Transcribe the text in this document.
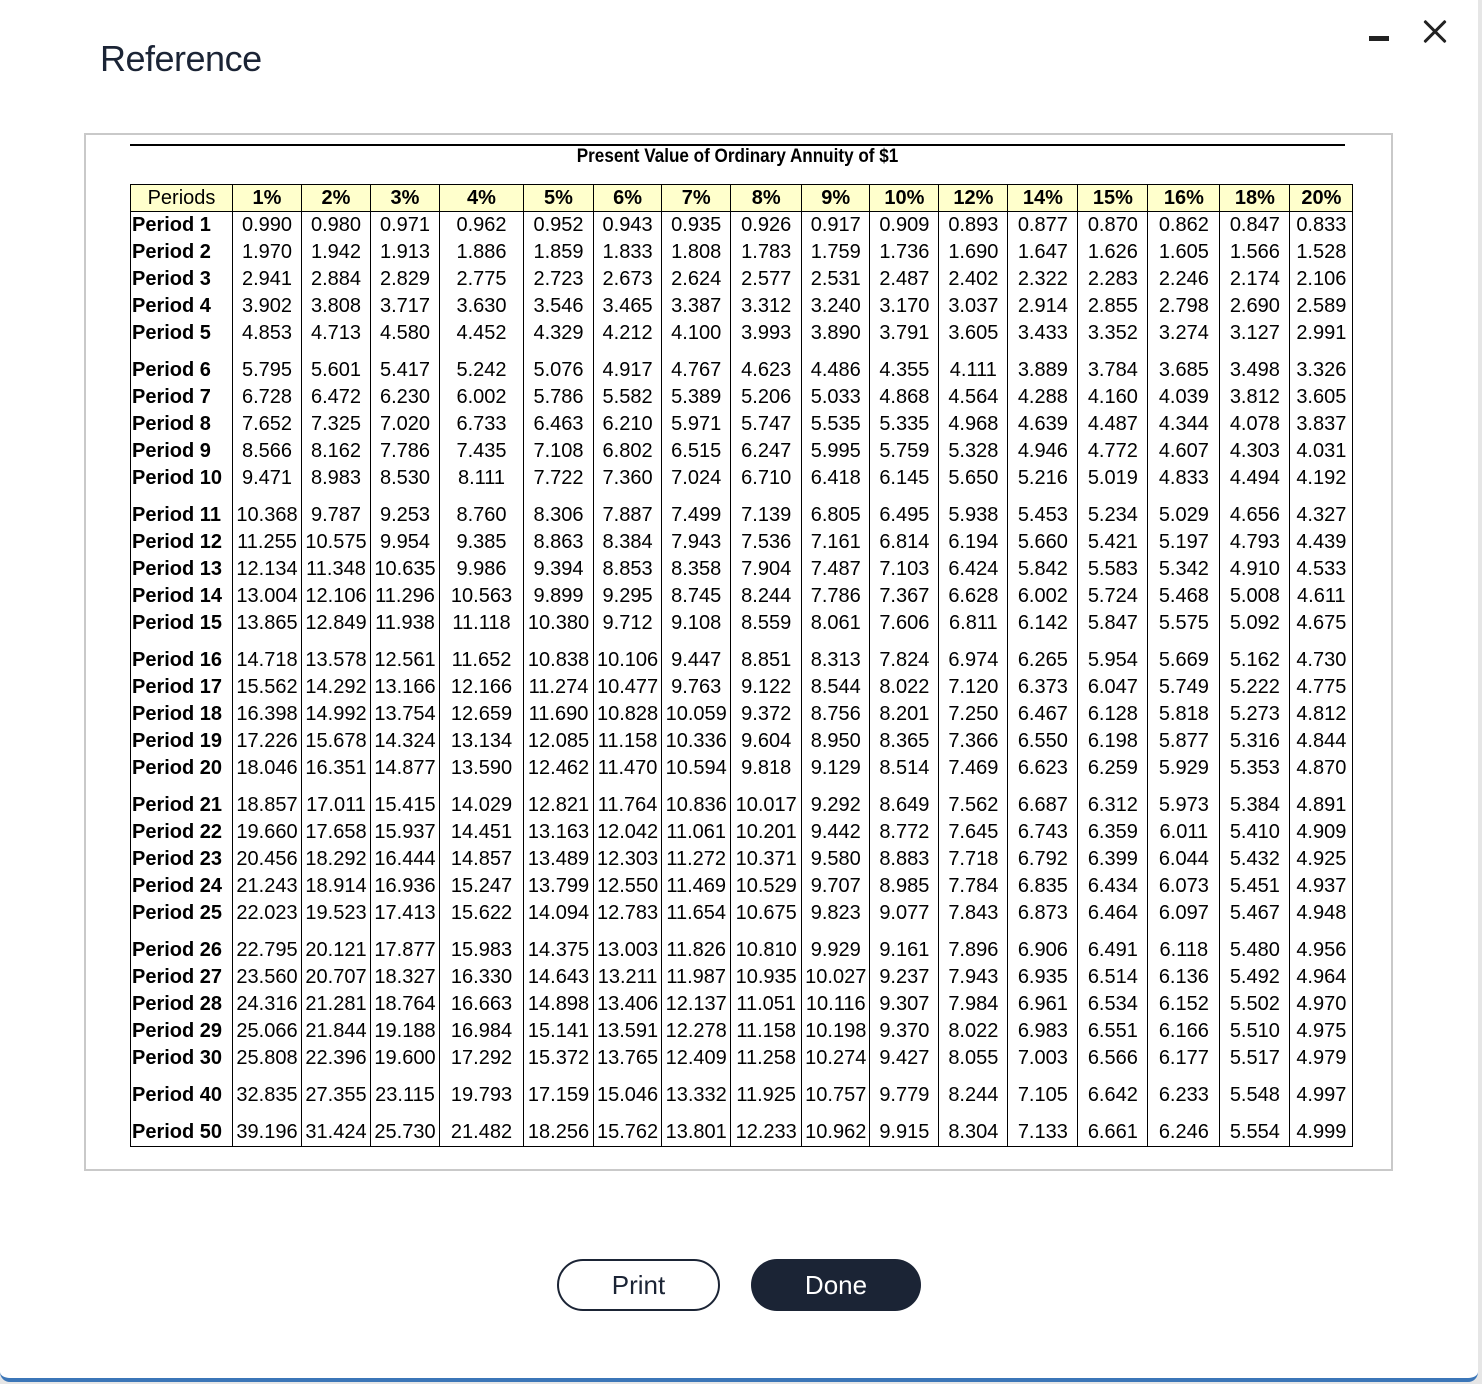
Reference
Present Value of Ordinary Annuity of $1
Periods	1%	2%	3%	4%	5%	6%	7%	8%	9%	10%	12%	14%	15%	16%	18%	20%
Period 1	0.990	0.980	0.971	0.962	0.952	0.943	0.935	0.926	0.917	0.909	0.893	0.877	0.870	0.862	0.847	0.833
Period 2	1.970	1.942	1.913	1.886	1.859	1.833	1.808	1.783	1.759	1.736	1.690	1.647	1.626	1.605	1.566	1.528
Period 3	2.941	2.884	2.829	2.775	2.723	2.673	2.624	2.577	2.531	2.487	2.402	2.322	2.283	2.246	2.174	2.106
Period 4	3.902	3.808	3.717	3.630	3.546	3.465	3.387	3.312	3.240	3.170	3.037	2.914	2.855	2.798	2.690	2.589
Period 5	4.853	4.713	4.580	4.452	4.329	4.212	4.100	3.993	3.890	3.791	3.605	3.433	3.352	3.274	3.127	2.991
Period 6	5.795	5.601	5.417	5.242	5.076	4.917	4.767	4.623	4.486	4.355	4.111	3.889	3.784	3.685	3.498	3.326
Period 7	6.728	6.472	6.230	6.002	5.786	5.582	5.389	5.206	5.033	4.868	4.564	4.288	4.160	4.039	3.812	3.605
Period 8	7.652	7.325	7.020	6.733	6.463	6.210	5.971	5.747	5.535	5.335	4.968	4.639	4.487	4.344	4.078	3.837
Period 9	8.566	8.162	7.786	7.435	7.108	6.802	6.515	6.247	5.995	5.759	5.328	4.946	4.772	4.607	4.303	4.031
Period 10	9.471	8.983	8.530	8.111	7.722	7.360	7.024	6.710	6.418	6.145	5.650	5.216	5.019	4.833	4.494	4.192
Period 11	10.368	9.787	9.253	8.760	8.306	7.887	7.499	7.139	6.805	6.495	5.938	5.453	5.234	5.029	4.656	4.327
Period 12	11.255	10.575	9.954	9.385	8.863	8.384	7.943	7.536	7.161	6.814	6.194	5.660	5.421	5.197	4.793	4.439
Period 13	12.134	11.348	10.635	9.986	9.394	8.853	8.358	7.904	7.487	7.103	6.424	5.842	5.583	5.342	4.910	4.533
Period 14	13.004	12.106	11.296	10.563	9.899	9.295	8.745	8.244	7.786	7.367	6.628	6.002	5.724	5.468	5.008	4.611
Period 15	13.865	12.849	11.938	11.118	10.380	9.712	9.108	8.559	8.061	7.606	6.811	6.142	5.847	5.575	5.092	4.675
Period 16	14.718	13.578	12.561	11.652	10.838	10.106	9.447	8.851	8.313	7.824	6.974	6.265	5.954	5.669	5.162	4.730
Period 17	15.562	14.292	13.166	12.166	11.274	10.477	9.763	9.122	8.544	8.022	7.120	6.373	6.047	5.749	5.222	4.775
Period 18	16.398	14.992	13.754	12.659	11.690	10.828	10.059	9.372	8.756	8.201	7.250	6.467	6.128	5.818	5.273	4.812
Period 19	17.226	15.678	14.324	13.134	12.085	11.158	10.336	9.604	8.950	8.365	7.366	6.550	6.198	5.877	5.316	4.844
Period 20	18.046	16.351	14.877	13.590	12.462	11.470	10.594	9.818	9.129	8.514	7.469	6.623	6.259	5.929	5.353	4.870
Period 21	18.857	17.011	15.415	14.029	12.821	11.764	10.836	10.017	9.292	8.649	7.562	6.687	6.312	5.973	5.384	4.891
Period 22	19.660	17.658	15.937	14.451	13.163	12.042	11.061	10.201	9.442	8.772	7.645	6.743	6.359	6.011	5.410	4.909
Period 23	20.456	18.292	16.444	14.857	13.489	12.303	11.272	10.371	9.580	8.883	7.718	6.792	6.399	6.044	5.432	4.925
Period 24	21.243	18.914	16.936	15.247	13.799	12.550	11.469	10.529	9.707	8.985	7.784	6.835	6.434	6.073	5.451	4.937
Period 25	22.023	19.523	17.413	15.622	14.094	12.783	11.654	10.675	9.823	9.077	7.843	6.873	6.464	6.097	5.467	4.948
Period 26	22.795	20.121	17.877	15.983	14.375	13.003	11.826	10.810	9.929	9.161	7.896	6.906	6.491	6.118	5.480	4.956
Period 27	23.560	20.707	18.327	16.330	14.643	13.211	11.987	10.935	10.027	9.237	7.943	6.935	6.514	6.136	5.492	4.964
Period 28	24.316	21.281	18.764	16.663	14.898	13.406	12.137	11.051	10.116	9.307	7.984	6.961	6.534	6.152	5.502	4.970
Period 29	25.066	21.844	19.188	16.984	15.141	13.591	12.278	11.158	10.198	9.370	8.022	6.983	6.551	6.166	5.510	4.975
Period 30	25.808	22.396	19.600	17.292	15.372	13.765	12.409	11.258	10.274	9.427	8.055	7.003	6.566	6.177	5.517	4.979
Period 40	32.835	27.355	23.115	19.793	17.159	15.046	13.332	11.925	10.757	9.779	8.244	7.105	6.642	6.233	5.548	4.997
Period 50	39.196	31.424	25.730	21.482	18.256	15.762	13.801	12.233	10.962	9.915	8.304	7.133	6.661	6.246	5.554	4.999
Print	Done
